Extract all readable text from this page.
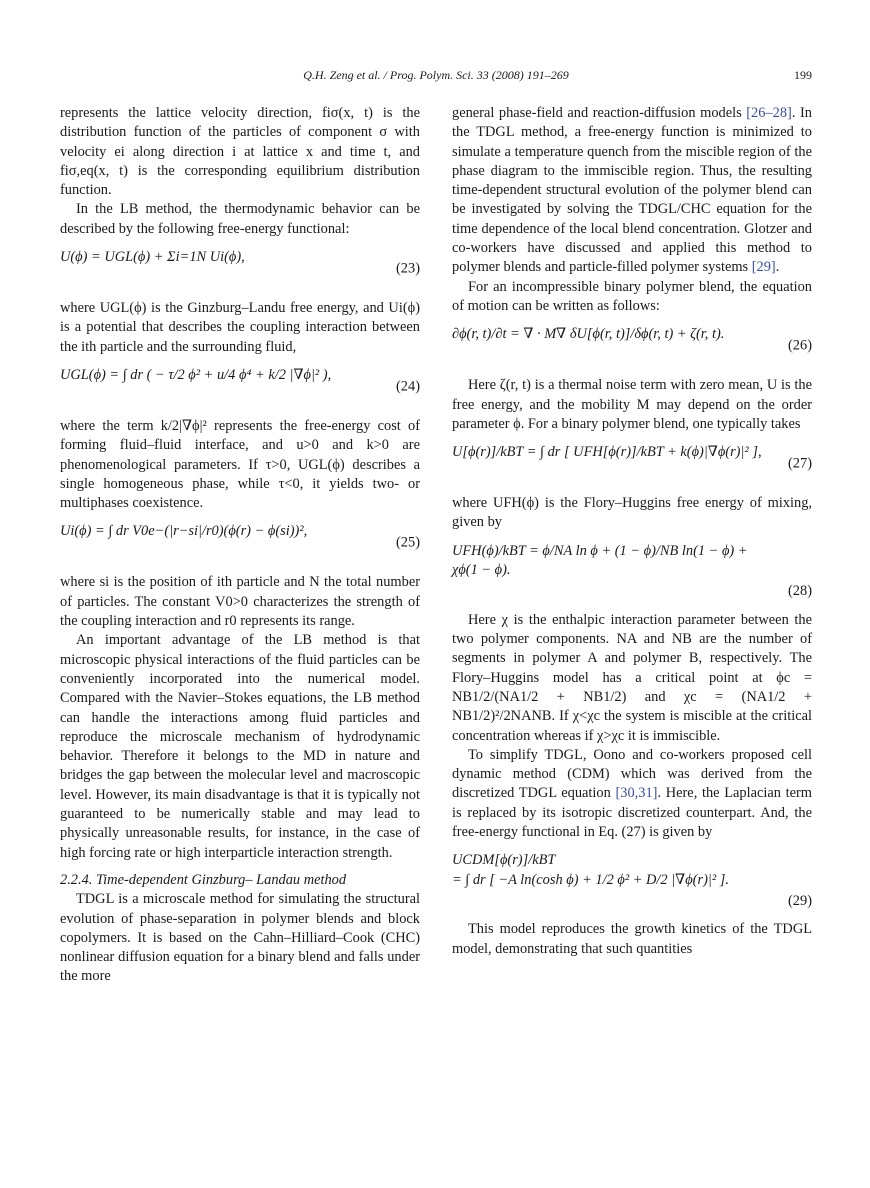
Q.H. Zeng et al. / Prog. Polym. Sci. 33 (2008) 191–269	199

represents the lattice velocity direction, fiσ(x, t) is the distribution function of the particles of component σ with velocity ei along direction i at lattice x and time t, and fiσ,eq(x, t) is the corresponding equilibrium distribution function.

In the LB method, the thermodynamic behavior can be described by the following free-energy functional:

U(ϕ) = UGL(ϕ) + Σi=1N Ui(ϕ),
(23)

where UGL(ϕ) is the Ginzburg–Landu free energy, and Ui(ϕ) is a potential that describes the coupling interaction between the ith particle and the surrounding fluid,

UGL(ϕ) = ∫ dr ( − τ/2 ϕ² + u/4 ϕ⁴ + k/2 |∇ϕ|² ),
(24)

where the term k/2|∇ϕ|² represents the free-energy cost of forming fluid–fluid interface, and u>0 and k>0 are phenomenological parameters. If τ>0, UGL(ϕ) describes a single homogeneous phase, while τ<0, it yields two- or multiphases coexistence.

Ui(ϕ) = ∫ dr V0e−(|r−si|/r0)(ϕ(r) − ϕ(si))²,
(25)

where si is the position of ith particle and N the total number of particles. The constant V0>0 characterizes the strength of the coupling interaction and r0 represents its range.

An important advantage of the LB method is that microscopic physical interactions of the fluid particles can be conveniently incorporated into the numerical model. Compared with the Navier–Stokes equations, the LB method can handle the interactions among fluid particles and reproduce the microscale mechanism of hydrodynamic behavior. Therefore it belongs to the MD in nature and bridges the gap between the molecular level and macroscopic level. However, its main disadvantage is that it is typically not guaranteed to be numerically stable and may lead to physically unreasonable results, for instance, in the case of high forcing rate or high interparticle interaction strength.

2.2.4. Time-dependent Ginzburg– Landau method

TDGL is a microscale method for simulating the structural evolution of phase-separation in polymer blends and block copolymers. It is based on the Cahn–Hilliard–Cook (CHC) nonlinear diffusion equation for a binary blend and falls under the more

general phase-field and reaction-diffusion models [26–28]. In the TDGL method, a free-energy function is minimized to simulate a temperature quench from the miscible region of the phase diagram to the immiscible region. Thus, the resulting time-dependent structural evolution of the polymer blend can be investigated by solving the TDGL/CHC equation for the time dependence of the local blend concentration. Glotzer and co-workers have discussed and applied this method to polymer blends and particle-filled polymer systems [29].

For an incompressible binary polymer blend, the equation of motion can be written as follows:

∂ϕ(r, t)/∂t = ∇ · M∇ δU[ϕ(r, t)]/δϕ(r, t) + ζ(r, t).
(26)

Here ζ(r, t) is a thermal noise term with zero mean, U is the free energy, and the mobility M may depend on the order parameter ϕ. For a binary polymer blend, one typically takes

U[ϕ(r)]/kBT = ∫ dr [ UFH[ϕ(r)]/kBT + k(ϕ)|∇ϕ(r)|² ],
(27)

where UFH(ϕ) is the Flory–Huggins free energy of mixing, given by

UFH(ϕ)/kBT = ϕ/NA ln ϕ + (1 − ϕ)/NB ln(1 − ϕ) + χϕ(1 − ϕ).
(28)

Here χ is the enthalpic interaction parameter between the two polymer components. NA and NB are the number of segments in polymer A and polymer B, respectively. The Flory–Huggins model has a critical point at ϕc = NB1/2/(NA1/2 + NB1/2) and χc = (NA1/2 + NB1/2)²/2NANB. If χ<χc the system is miscible at the critical concentration whereas if χ>χc it is immiscible.

To simplify TDGL, Oono and co-workers proposed cell dynamic method (CDM) which was derived from the discretized TDGL equation [30,31]. Here, the Laplacian term is replaced by its isotropic discretized counterpart. And, the free-energy functional in Eq. (27) is given by

UCDM[ϕ(r)]/kBT
= ∫ dr [ −A ln(cosh ϕ) + 1/2 ϕ² + D/2 |∇ϕ(r)|² ].
(29)

This model reproduces the growth kinetics of the TDGL model, demonstrating that such quantities
